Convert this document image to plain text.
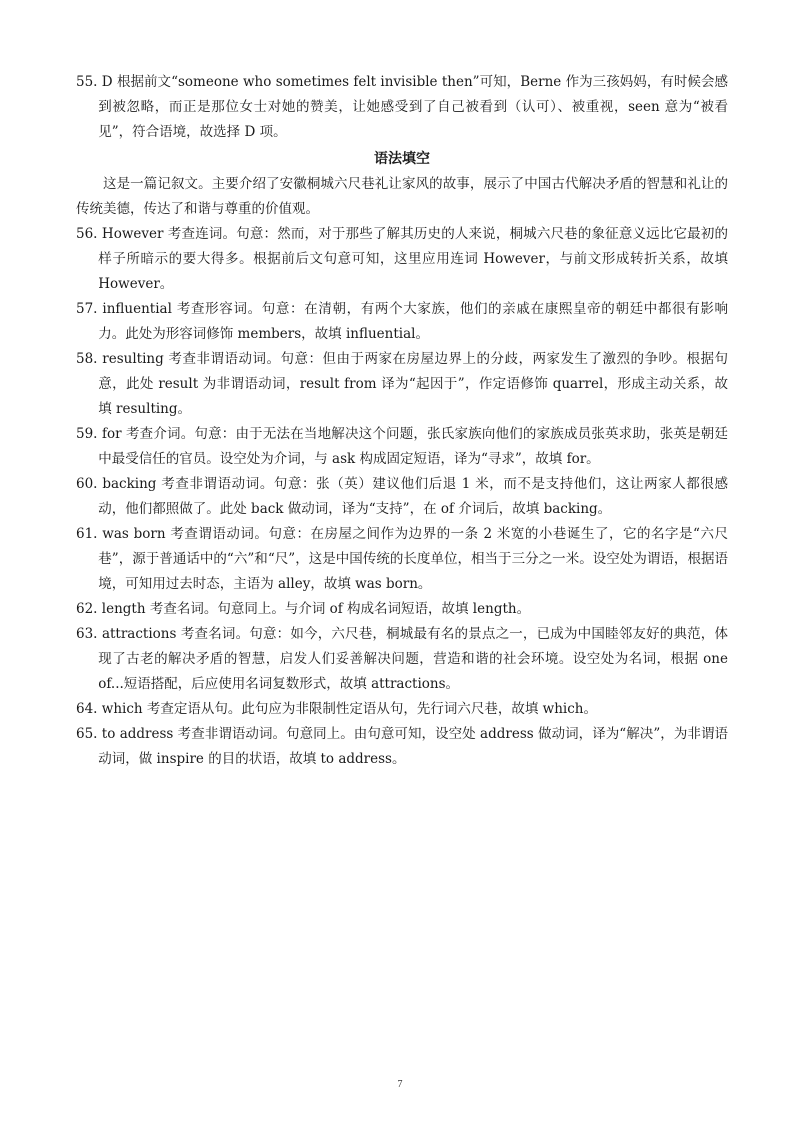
55. D 根据前文“someone who sometimes felt invisible then”可知，Berne 作为三孩妈妈，有时候会感到被忽略，而正是那位女士对她的赞美，让她感受到了自己被看到（认可）、被重视，seen 意为“被看见”，符合语境，故选择 D 项。

语法填空

这是一篇记叙文。主要介绍了安徽桐城六尺巷礼让家风的故事，展示了中国古代解决矛盾的智慧和礼让的传统美德，传达了和谐与尊重的价值观。

56. However 考查连词。句意：然而，对于那些了解其历史的人来说，桐城六尺巷的象征意义远比它最初的样子所暗示的要大得多。根据前后文句意可知，这里应用连词 However，与前文形成转折关系，故填 However。

57. influential 考查形容词。句意：在清朝，有两个大家族，他们的亲戚在康熙皇帝的朝廷中都很有影响力。此处为形容词修饰 members，故填 influential。

58. resulting 考查非谓语动词。句意：但由于两家在房屋边界上的分歧，两家发生了激烈的争吵。根据句意，此处 result 为非谓语动词，result from 译为“起因于”，作定语修饰 quarrel，形成主动关系，故填 resulting。

59. for 考查介词。句意：由于无法在当地解决这个问题，张氏家族向他们的家族成员张英求助，张英是朝廷中最受信任的官员。设空处为介词，与 ask 构成固定短语，译为“寻求”，故填 for。

60. backing 考查非谓语动词。句意：张（英）建议他们后退 1 米，而不是支持他们，这让两家人都很感动，他们都照做了。此处 back 做动词，译为“支持”，在 of 介词后，故填 backing。

61. was born 考查谓语动词。句意：在房屋之间作为边界的一条 2 米宽的小巷诞生了，它的名字是“六尺巷”，源于普通话中的“六”和“尺”，这是中国传统的长度单位，相当于三分之一米。设空处为谓语，根据语境，可知用过去时态，主语为 alley，故填 was born。

62. length 考查名词。句意同上。与介词 of 构成名词短语，故填 length。

63. attractions 考查名词。句意：如今，六尺巷，桐城最有名的景点之一，已成为中国睦邻友好的典范，体现了古老的解决矛盾的智慧，启发人们妥善解决问题，营造和谐的社会环境。设空处为名词，根据 one of...短语搭配，后应使用名词复数形式，故填 attractions。

64. which 考查定语从句。此句应为非限制性定语从句，先行词六尺巷，故填 which。

65. to address 考查非谓语动词。句意同上。由句意可知，设空处 address 做动词，译为“解决”，为非谓语动词，做 inspire 的目的状语，故填 to address。

7
